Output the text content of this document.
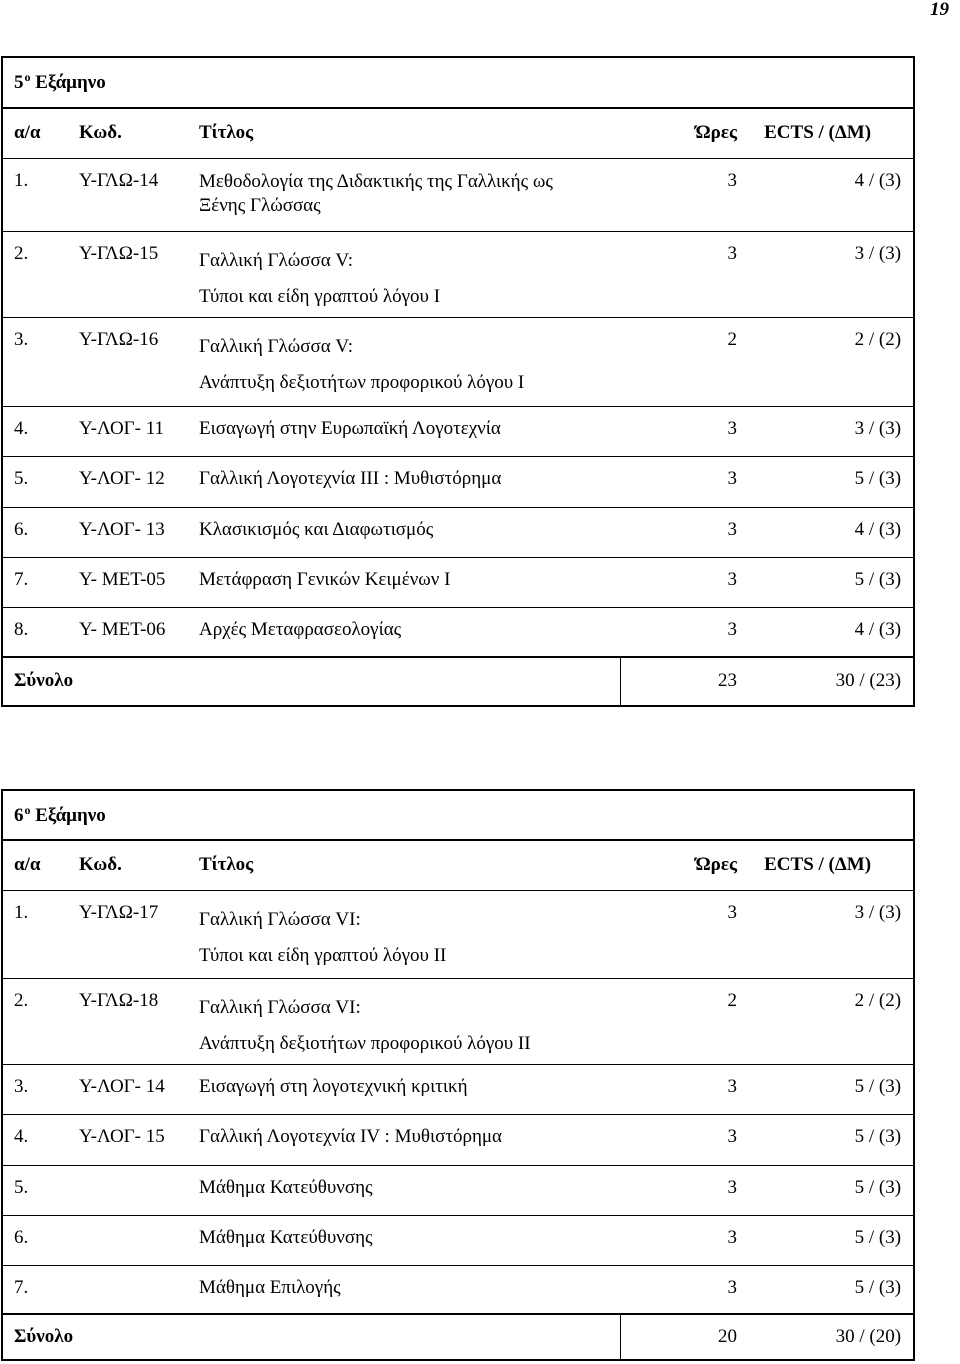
19
$5^o$ Εξάμηνο				
α/α	Κωδ.	Τίτλος	Ώρες	ECTS / (ΔΜ)
1.	Υ-ΓΛΩ-14	Μεθοδολογία της Διδακτικής της Γαλλικής ως
Ξένης Γλώσσας	3	4 / (3)
2.	Υ-ΓΛΩ-15	Γαλλική Γλώσσα V:
Τύποι και είδη γραπτού λόγου Ι	3	3 / (3)
3.	Υ-ΓΛΩ-16	Γαλλική Γλώσσα V:
Ανάπτυξη δεξιοτήτων προφορικού λόγου Ι	2	2 / (2)
4.	Υ-ΛΟΓ- 11	Εισαγωγή στην Ευρωπαϊκή Λογοτεχνία	3	3 / (3)
5.	Υ-ΛΟΓ- 12	Γαλλική Λογοτεχνία ΙΙΙ : Μυθιστόρημα	3	5 / (3)
6.	Υ-ΛΟΓ- 13	Κλασικισμός και Διαφωτισμός	3	4 / (3)
7.	Υ- ΜΕΤ-05	Μετάφραση Γενικών Κειμένων Ι	3	5 / (3)
8.	Υ- ΜΕΤ-06	Αρχές Μεταφρασεολογίας	3	4 / (3)
Σύνολο			23	30 / (23)
$6^o$ Εξάμηνο				
α/α	Κωδ.	Τίτλος	Ώρες	ECTS / (ΔΜ)
1.	Υ-ΓΛΩ-17	Γαλλική Γλώσσα VI:
Τύποι και είδη γραπτού λόγου ΙΙ	3	3 / (3)
2.	Υ-ΓΛΩ-18	Γαλλική Γλώσσα VI:
Ανάπτυξη δεξιοτήτων προφορικού λόγου ΙΙ	2	2 / (2)
3.	Υ-ΛΟΓ- 14	Εισαγωγή στη λογοτεχνική κριτική	3	5 / (3)
4.	Υ-ΛΟΓ- 15	Γαλλική Λογοτεχνία ΙV : Μυθιστόρημα	3	5 / (3)
5.		Μάθημα Κατεύθυνσης	3	5 / (3)
6.		Μάθημα Κατεύθυνσης	3	5 / (3)
7.		Μάθημα Επιλογής	3	5 / (3)
Σύνολο			20	30 / (20)
